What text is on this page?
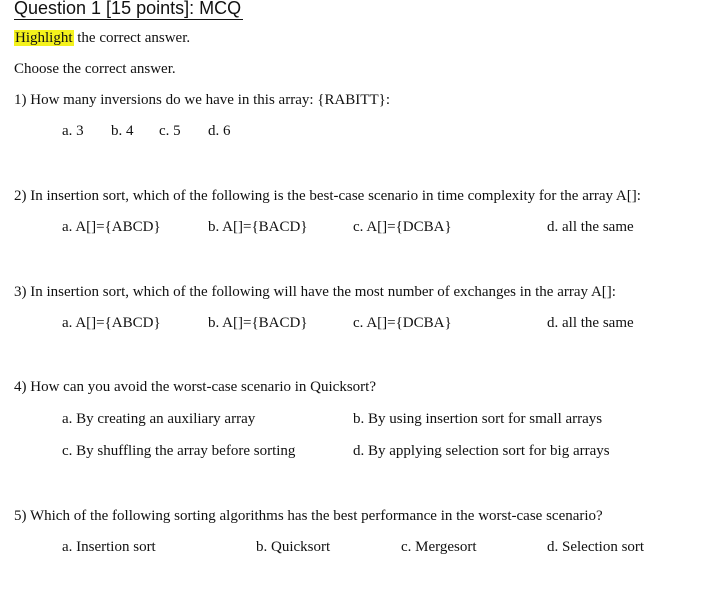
Question 1 [15 points]: MCQ
Highlight the correct answer.
Choose the correct answer.
1) How many inversions do we have in this array: {RABITT}:
a. 3 b. 4 c. 5 d. 6
2) In insertion sort, which of the following is the best-case scenario in time complexity for the array A[]:
a. A[]={ABCD}	b. A[]={BACD}	c. A[]={DCBA}	d. all the same
3) In insertion sort, which of the following will have the most number of exchanges in the array A[]:
a. A[]={ABCD}	b. A[]={BACD}	c. A[]={DCBA}	d. all the same
4) How can you avoid the worst-case scenario in Quicksort?
a. By creating an auxiliary array	b. By using insertion sort for small arrays
c. By shuffling the array before sorting	d. By applying selection sort for big arrays
5) Which of the following sorting algorithms has the best performance in the worst-case scenario?
a. Insertion sort	b. Quicksort	c. Mergesort	d. Selection sort
